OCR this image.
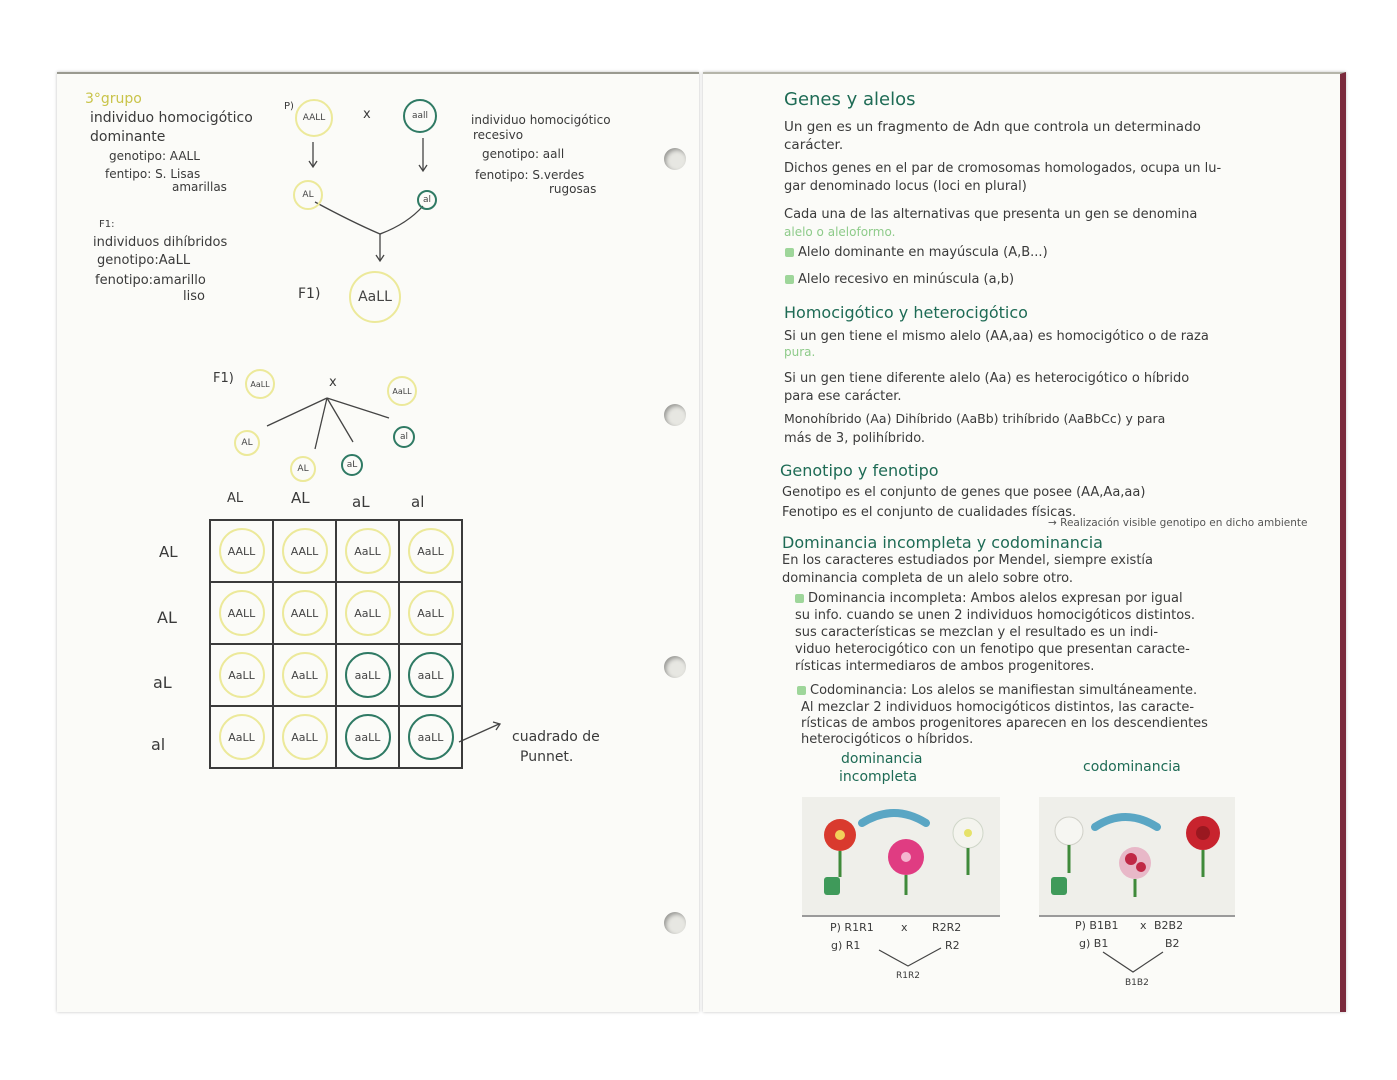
3°grupo
individuo homocigótico
dominante
genotipo: AALL
fentipo: S. Lisas
amarillas
P)
AALL	x	aall	individuo homocigótico
recesivo
genotipo: aall
fenotipo: S.verdes
rugosas
AL	al
F1:
individuos dihíbridos
genotipo:AaLL
fenotipo:amarillo
liso	F1)	AaLL
F1)	AaLL	x
AaLL
AL
AL	aL
al
AL	AL	aL	al
AL
AL
aL
al	cuadrado de
Punnet.
AALL	AALL	AaLL	AaLL
AALL	AALL	AaLL	AaLL
AaLL	AaLL	aaLL	aaLL
AaLL	AaLL	aaLL	aaLL
Genes y alelos
Un gen es un fragmento de Adn que controla un determinado
carácter.
Dichos genes en el par de cromosomas homologados, ocupa un lu-
gar denominado locus (loci en plural)
Cada una de las alternativas que presenta un gen se denomina
alelo o aleloformo.
Alelo dominante en mayúscula (A,B...)
Alelo recesivo en minúscula (a,b)
Homocigótico y heterocigótico
Si un gen tiene el mismo alelo (AA,aa) es homocigótico o de raza
pura.
Si un gen tiene diferente alelo (Aa) es heterocigótico o híbrido
para ese carácter.
Monohíbrido (Aa) Dihíbrido (AaBb) trihíbrido (AaBbCc) y para
más de 3, polihíbrido.
Genotipo y fenotipo
Genotipo es el conjunto de genes que posee (AA,Aa,aa)
Fenotipo es el conjunto de cualidades físicas.
→ Realización visible genotipo en dicho ambiente
Dominancia incompleta y codominancia
En los caracteres estudiados por Mendel, siempre existía
dominancia completa de un alelo sobre otro.
Dominancia incompleta: Ambos alelos expresan por igual
su info. cuando se unen 2 individuos homocigóticos distintos.
sus características se mezclan y el resultado es un indi-
viduo heterocigótico con un fenotipo que presentan caracte-
rísticas intermediaros de ambos progenitores.
Codominancia: Los alelos se manifiestan simultáneamente.
Al mezclar 2 individuos homocigóticos distintos, las caracte-
rísticas de ambos progenitores aparecen en los descendientes
heterocigóticos o híbridos.
dominancia
incompleta
codominancia
P) R1R1 x R2R2
g) R1	R2
R1R2
P) B1B1 x B2B2
g) B1	B2
B1B2
